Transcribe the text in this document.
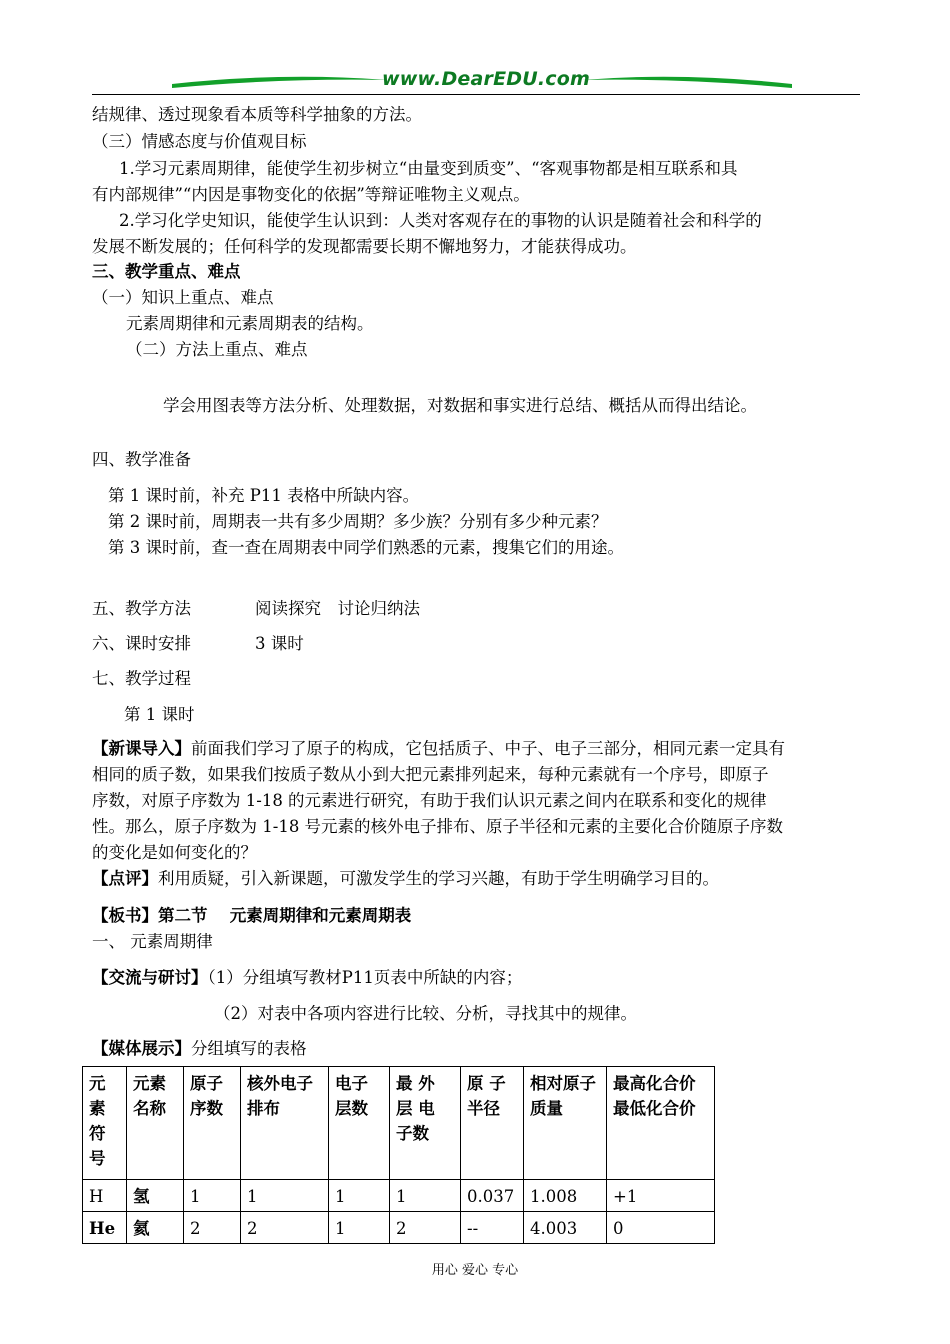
www.DearEDU.com
结规律、透过现象看本质等科学抽象的方法。
（三）情感态度与价值观目标
1.学习元素周期律，能使学生初步树立“由量变到质变”、“客观事物都是相互联系和具
有内部规律”“内因是事物变化的依据”等辩证唯物主义观点。
2.学习化学史知识，能使学生认识到：人类对客观存在的事物的认识是随着社会和科学的
发展不断发展的；任何科学的发现都需要长期不懈地努力，才能获得成功。
三、教学重点、难点
（一）知识上重点、难点
元素周期律和元素周期表的结构。
（二）方法上重点、难点
学会用图表等方法分析、处理数据，对数据和事实进行总结、概括从而得出结论。
四、教学准备
第 1 课时前，补充 P11 表格中所缺内容。
第 2 课时前，周期表一共有多少周期？多少族？分别有多少种元素？
第 3 课时前，查一查在周期表中同学们熟悉的元素，搜集它们的用途。
五、教学方法	阅读探究　讨论归纳法
六、课时安排	3 课时
七、教学过程
第 1 课时
【新课导入】前面我们学习了原子的构成，它包括质子、中子、电子三部分，相同元素一定具有
相同的质子数，如果我们按质子数从小到大把元素排列起来，每种元素就有一个序号，即原子
序数，对原子序数为 1-18 的元素进行研究，有助于我们认识元素之间内在联系和变化的规律
性。那么，原子序数为 1-18 号元素的核外电子排布、原子半径和元素的主要化合价随原子序数
的变化是如何变化的？
【点评】利用质疑，引入新课题，可激发学生的学习兴趣，有助于学生明确学习目的。
【板书】第二节　 元素周期律和元素周期表
一、 元素周期律
【交流与研讨】（1）分组填写教材P11页表中所缺的内容；
（2）对表中各项内容进行比较、分析，寻找其中的规律。
【媒体展示】分组填写的表格
元素符号	元素名称	原子序数	核外电子排布	电子层数	最 外 层 电 子数	原 子 半径	相对原子质量	最高化合价最低化合价
H	氢	1	1	1	1	0.037	1.008	+1
He	氦	2	2	1	2	--	4.003	0
用心 爱心 专心
